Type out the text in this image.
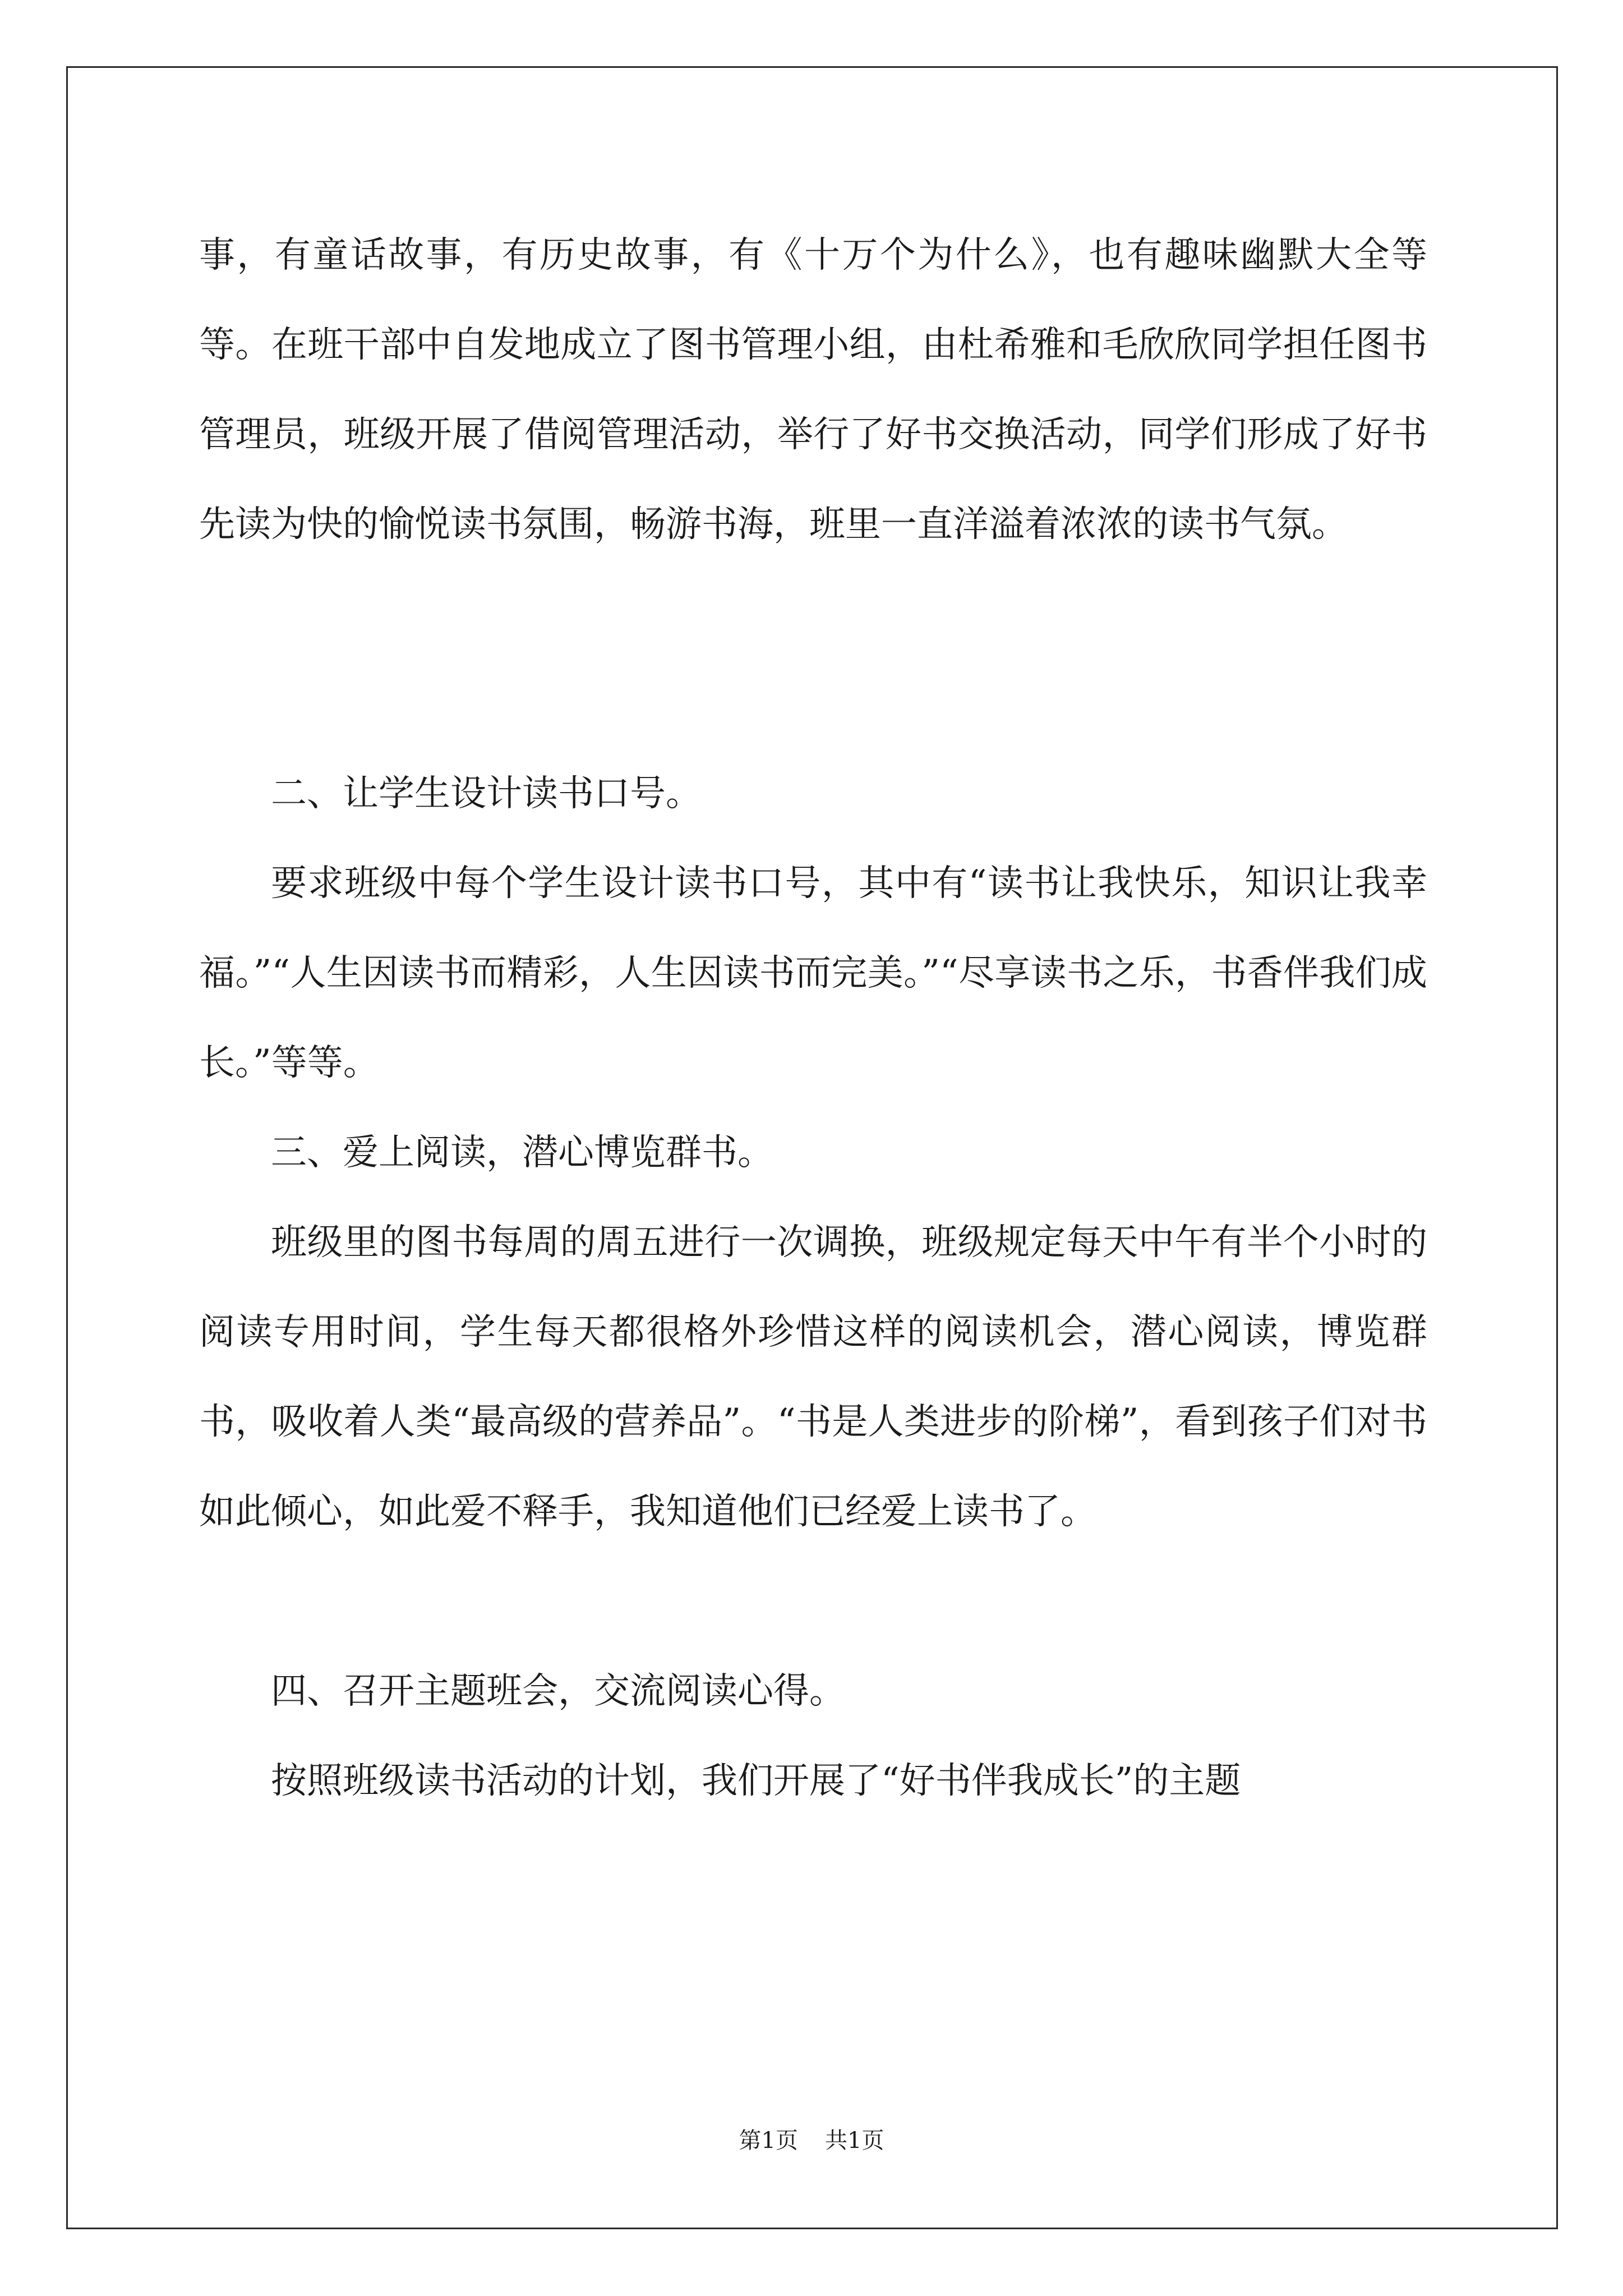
事，有童话故事，有历史故事，有《十万个为什么》，也有趣味幽默大全等等。在班干部中自发地成立了图书管理小组，由杜希雅和毛欣欣同学担任图书管理员，班级开展了借阅管理活动，举行了好书交换活动，同学们形成了好书先读为快的愉悦读书氛围，畅游书海，班里一直洋溢着浓浓的读书气氛。

二、让学生设计读书口号。

要求班级中每个学生设计读书口号，其中有“读书让我快乐，知识让我幸福。”“人生因读书而精彩，人生因读书而完美。”“尽享读书之乐，书香伴我们成长。”等等。

三、爱上阅读，潜心博览群书。

班级里的图书每周的周五进行一次调换，班级规定每天中午有半个小时的阅读专用时间，学生每天都很格外珍惜这样的阅读机会，潜心阅读，博览群书，吸收着人类“最高级的营养品”。“书是人类进步的阶梯”，看到孩子们对书如此倾心，如此爱不释手，我知道他们已经爱上读书了。

四、召开主题班会，交流阅读心得。

按照班级读书活动的计划，我们开展了“好书伴我成长”的主题

第1页 共1页
